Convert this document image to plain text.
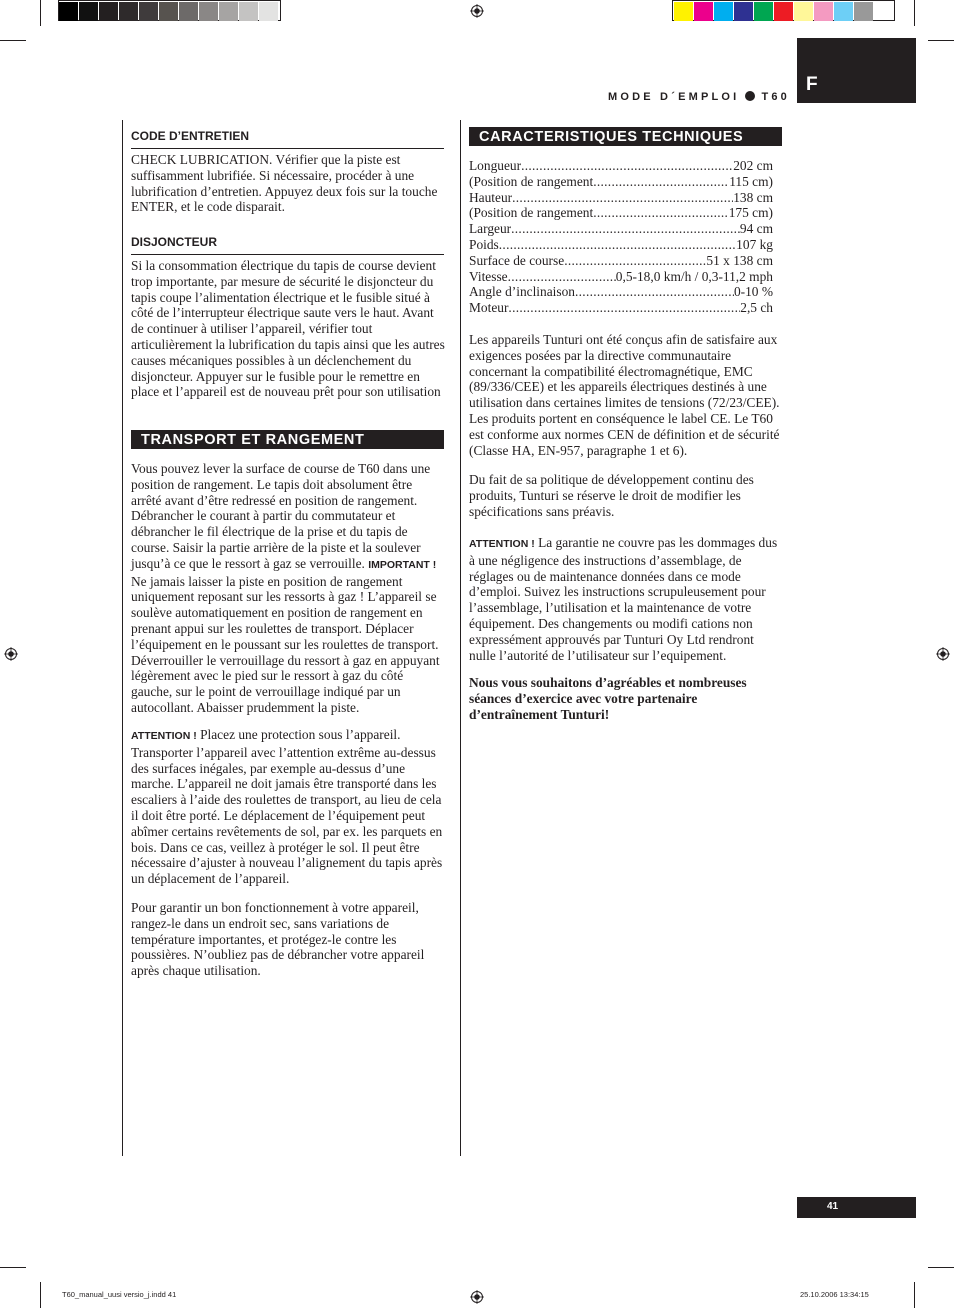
MODE D´EMPLOI T60
F
CODE D’ENTRETIEN

CHECK LUBRICATION. Vérifier que la piste est suffisamment lubrifiée. Si nécessaire, procéder à une lubrification d’entretien. Appuyez deux fois sur la touche ENTER, et le code disparait.

DISJONCTEUR

Si la consommation électrique du tapis de course devient trop importante, par mesure de sécurité le disjoncteur du tapis coupe l’alimentation électrique et le fusible situé à côté de l’interrupteur électrique saute vers le haut. Avant de continuer à utiliser l’appareil, vérifier tout articulièrement la lubrification du tapis ainsi que les autres causes mécaniques possibles à un déclenchement du disjoncteur. Appuyer sur le fusible pour le remettre en place et l’appareil est de nouveau prêt pour son utilisation

TRANSPORT ET RANGEMENT

Vous pouvez lever la surface de course de T60 dans une position de rangement. Le tapis doit absolument être arrêté avant d’être redressé en position de rangement. Débrancher le courant à partir du commutateur et débrancher le fil électrique de la prise et du tapis de course. Saisir la partie arrière de la piste et la soulever jusqu’à ce que le ressort à gaz se verrouille. IMPORTANT ! Ne jamais laisser la piste en position de rangement uniquement reposant sur les ressorts à gaz ! L’appareil se soulève automatiquement en position de rangement en prenant appui sur les roulettes de transport. Déplacer l’équipement en le poussant sur les roulettes de transport. Déverrouiller le verrouillage du ressort à gaz en appuyant légèrement avec le pied sur le ressort à gaz du côté gauche, sur le point de verrouillage indiqué par un autocollant. Abaisser prudemment la piste.

ATTENTION ! Placez une protection sous l’appareil. Transporter l’appareil avec l’attention extrême au-dessus des surfaces inégales, par exemple au-dessus d’une marche. L’appareil ne doit jamais être transporté dans les escaliers à l’aide des roulettes de transport, au lieu de cela il doit être porté. Le déplacement de l’équipement peut abîmer certains revêtements de sol, par ex. les parquets en bois. Dans ce cas, veillez à protéger le sol. Il peut être nécessaire d’ajuster à nouveau l’alignement du tapis après un déplacement de l’appareil.

Pour garantir un bon fonctionnement à votre appareil, rangez-le dans un endroit sec, sans variations de température importantes, et protégez-le contre les poussières. N’oubliez pas de débrancher votre appareil après chaque utilisation.

CARACTERISTIQUES TECHNIQUES
Longueur .....	202 cm
(Position de rangement .....	115 cm)
Hauteur .....	138 cm
(Position de rangement .....	175 cm)
Largeur .....	94 cm
Poids .....	107 kg
Surface de course .....	51 x 138 cm
Vitesse .....	0,5-18,0 km/h / 0,3-11,2 mph
Angle d’inclinaison .....	0-10 %
Moteur .....	2,5 ch

Les appareils Tunturi ont été conçus afin de satisfaire aux exigences posées par la directive communautaire concernant la compatibilité électromagnétique, EMC (89/336/CEE) et les appareils électriques destinés à une utilisation dans certaines limites de tensions (72/23/CEE). Les produits portent en conséquence le label CE. Le T60 est conforme aux normes CEN de définition et de sécurité (Classe HA, EN-957, paragraphe 1 et 6).

Du fait de sa politique de développement continu des produits, Tunturi se réserve le droit de modifier les spécifications sans préavis.

ATTENTION ! La garantie ne couvre pas les dommages dus à une négligence des instructions d’assemblage, de réglages ou de maintenance données dans ce mode d’emploi. Suivez les instructions scrupuleusement pour l’assemblage, l’utilisation et la maintenance de votre équipement. Des changements ou modifi cations non expressément approuvés par Tunturi Oy Ltd rendront nulle l’autorité de l’utilisateur sur l’equipement.

Nous vous souhaitons d’agréables et nombreuses séances d’exercice avec votre partenaire d’entraînement Tunturi!

41
T60_manual_uusi versio_j.indd 41	25.10.2006 13:34:15
